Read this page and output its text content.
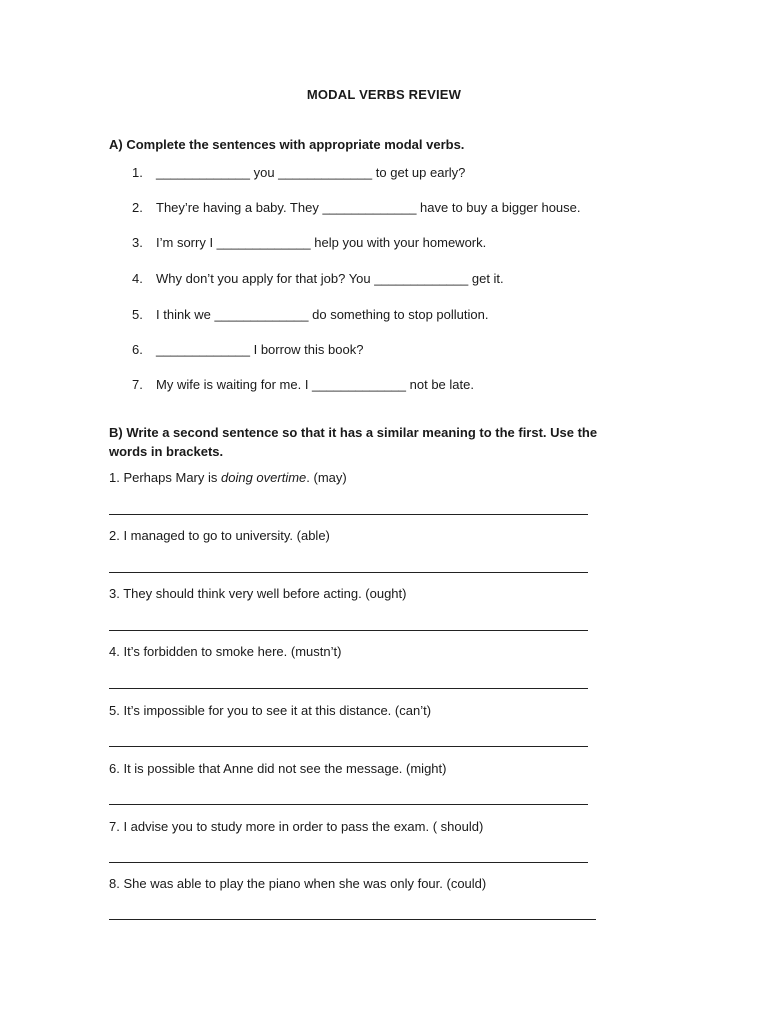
MODAL VERBS REVIEW
A) Complete the sentences with appropriate modal verbs.
1. _____________ you _____________ to get up early?
2. They’re having a baby. They _____________ have to buy a bigger house.
3. I’m sorry I _____________ help you with your homework.
4. Why don’t you apply for that job? You _____________ get it.
5. I think we _____________ do something to stop pollution.
6. _____________ I borrow this book?
7. My wife is waiting for me. I _____________ not be late.
B) Write a second sentence so that it has a similar meaning to the first. Use the words in brackets.
1. Perhaps Mary is doing overtime. (may)
2. I managed to go to university. (able)
3. They should think very well before acting. (ought)
4. It’s forbidden to smoke here. (mustn’t)
5. It’s impossible for you to see it at this distance. (can’t)
6. It is possible that Anne did not see the message. (might)
7. I advise you to study more in order to pass the exam. ( should)
8. She was able to play the piano when she was only four. (could)
